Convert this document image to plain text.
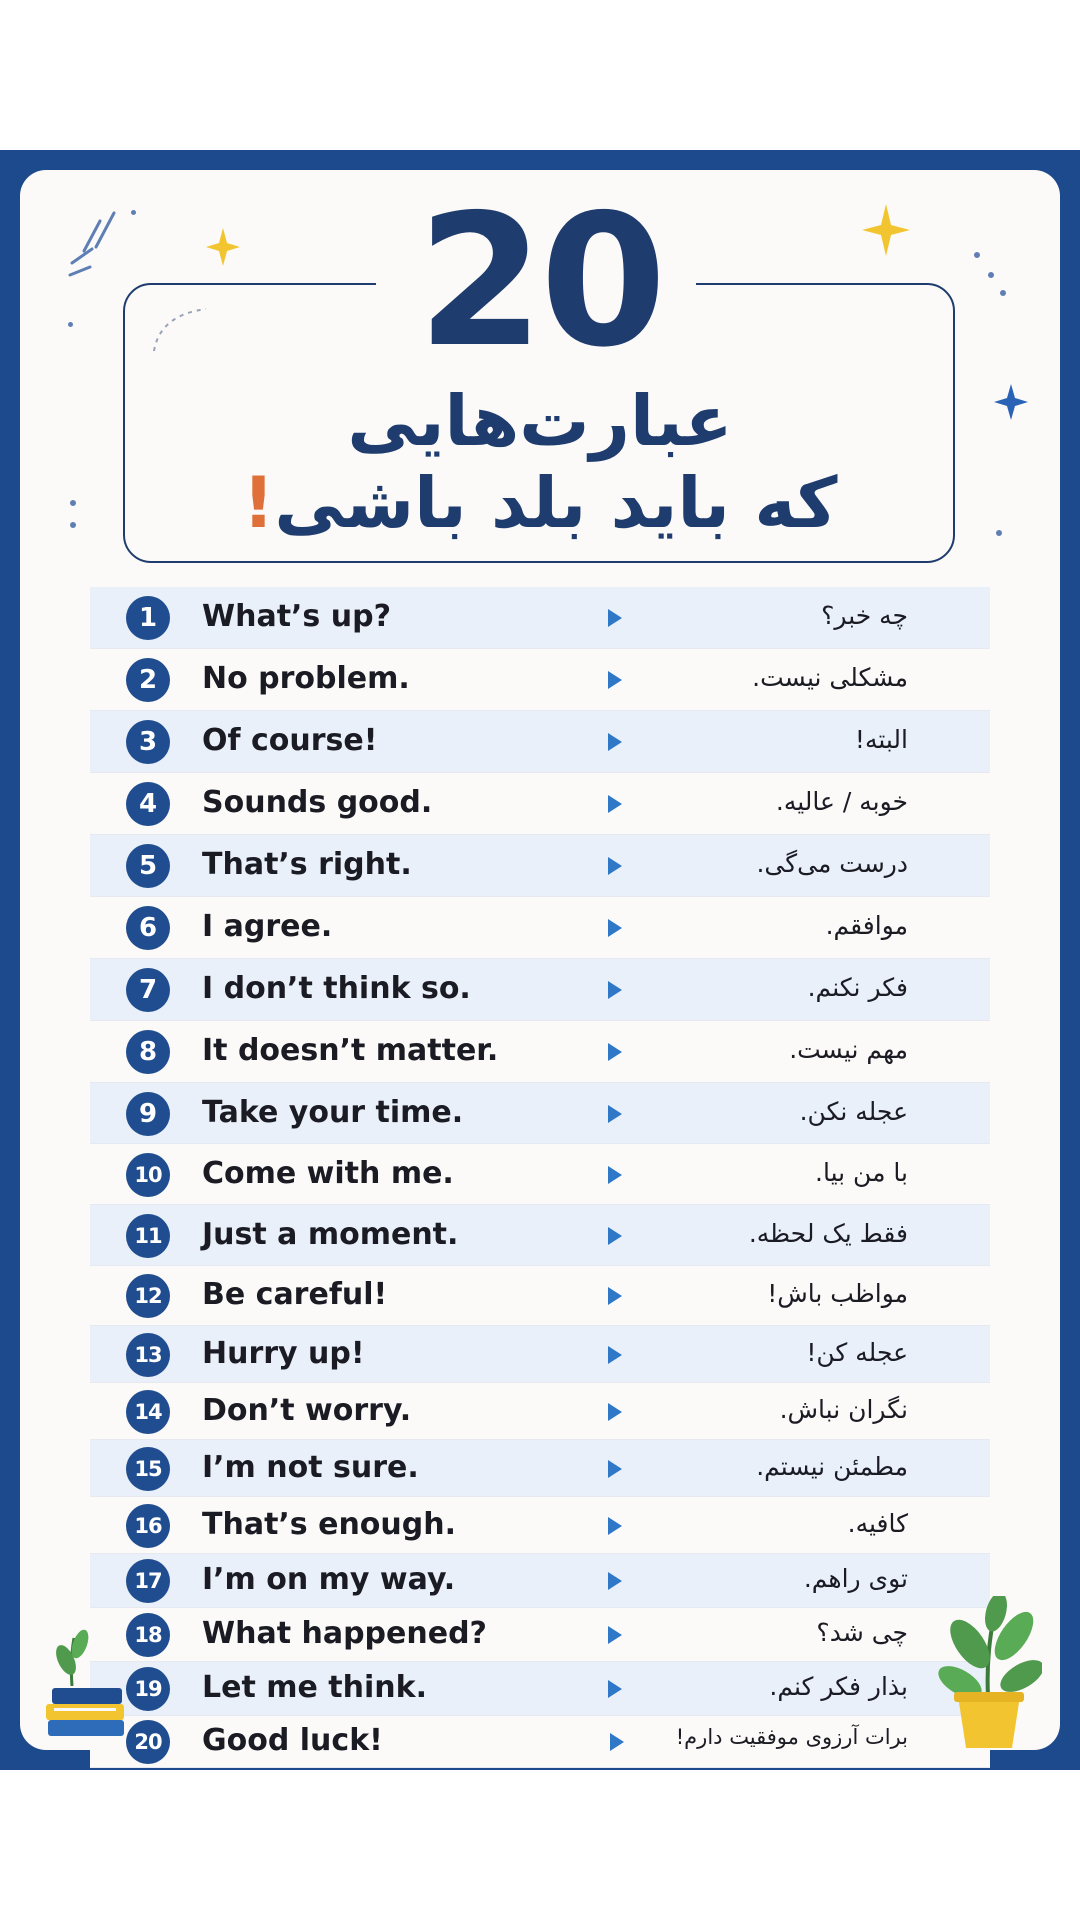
20
عبارت‌هایی
که باید بلد باشی!
1	What’s up?	چه خبر؟
2	No problem.	مشکلی نیست.
3	Of course!	البته!
4	Sounds good.	خوبه / عالیه.
5	That’s right.	درست می‌گی.
6	I agree.	موافقم.
7	I don’t think so.	فکر نکنم.
8	It doesn’t matter.	مهم نیست.
9	Take your time.	عجله نکن.
10 Come with me.	با من بیا.
11 Just a moment.	فقط یک لحظه.
12 Be careful!	مواظب باش!
13 Hurry up!	عجله کن!
14 Don’t worry.	نگران نباش.
15 I’m not sure.	مطمئن نیستم.
16 That’s enough.	کافیه.
17 I’m on my way.	توی راهم.
18 What happened?	چی شد؟
19 Let me think.	بذار فکر کنم.
20 Good luck!	برات آرزوی موفقیت دارم!
